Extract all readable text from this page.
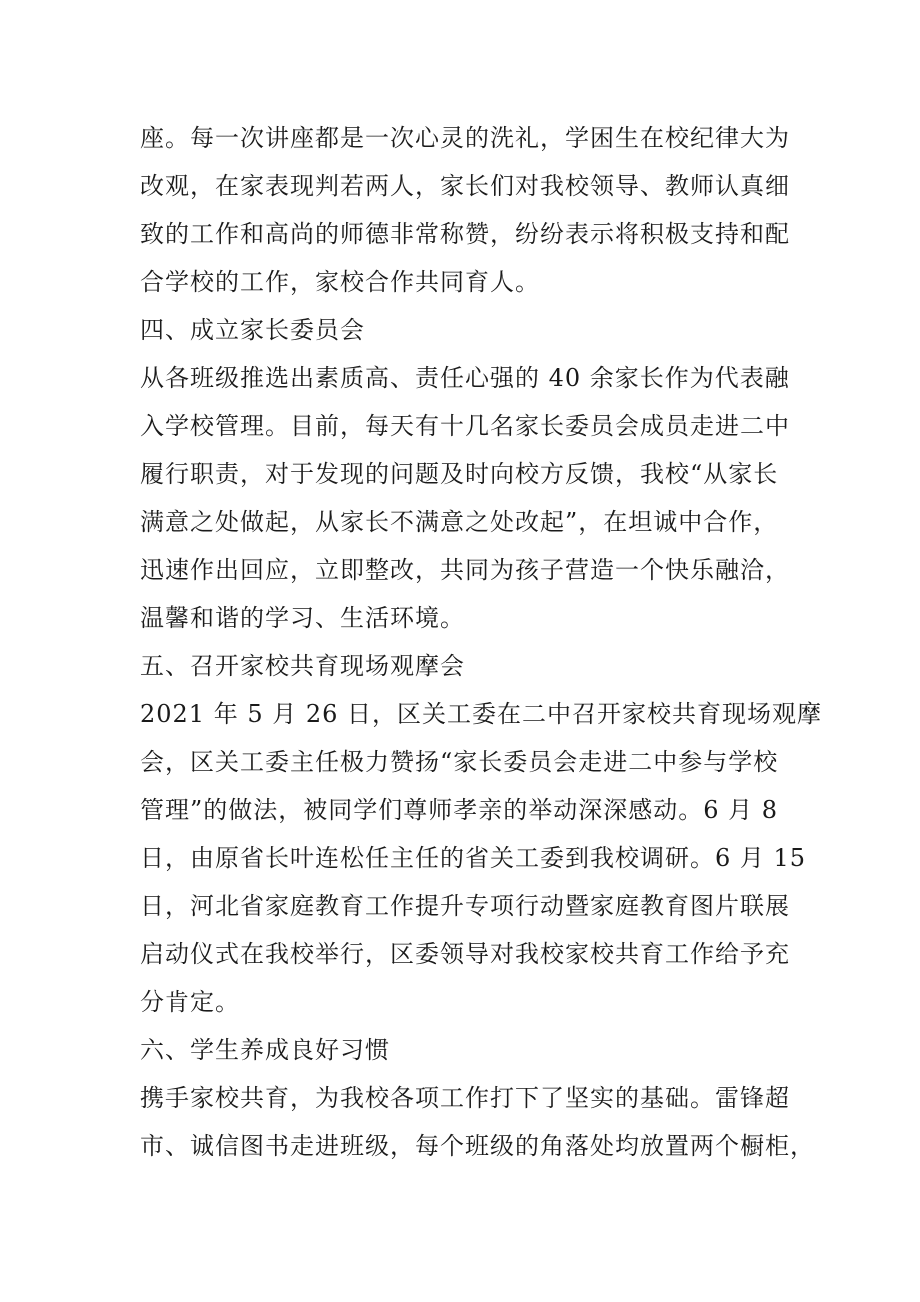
座。每一次讲座都是一次心灵的洗礼，学困生在校纪律大为
改观，在家表现判若两人，家长们对我校领导、教师认真细
致的工作和高尚的师德非常称赞，纷纷表示将积极支持和配
合学校的工作，家校合作共同育人。
四、成立家长委员会
从各班级推选出素质高、责任心强的 40 余家长作为代表融
入学校管理。目前，每天有十几名家长委员会成员走进二中
履行职责，对于发现的问题及时向校方反馈，我校“从家长
满意之处做起，从家长不满意之处改起”，在坦诚中合作，
迅速作出回应，立即整改，共同为孩子营造一个快乐融洽，
温馨和谐的学习、生活环境。
五、召开家校共育现场观摩会
2021 年 5 月 26 日，区关工委在二中召开家校共育现场观摩
会，区关工委主任极力赞扬“家长委员会走进二中参与学校
管理”的做法，被同学们尊师孝亲的举动深深感动。6 月 8
日，由原省长叶连松任主任的省关工委到我校调研。6 月 15
日，河北省家庭教育工作提升专项行动暨家庭教育图片联展
启动仪式在我校举行，区委领导对我校家校共育工作给予充
分肯定。
六、学生养成良好习惯
携手家校共育，为我校各项工作打下了坚实的基础。雷锋超
市、诚信图书走进班级，每个班级的角落处均放置两个橱柜，
